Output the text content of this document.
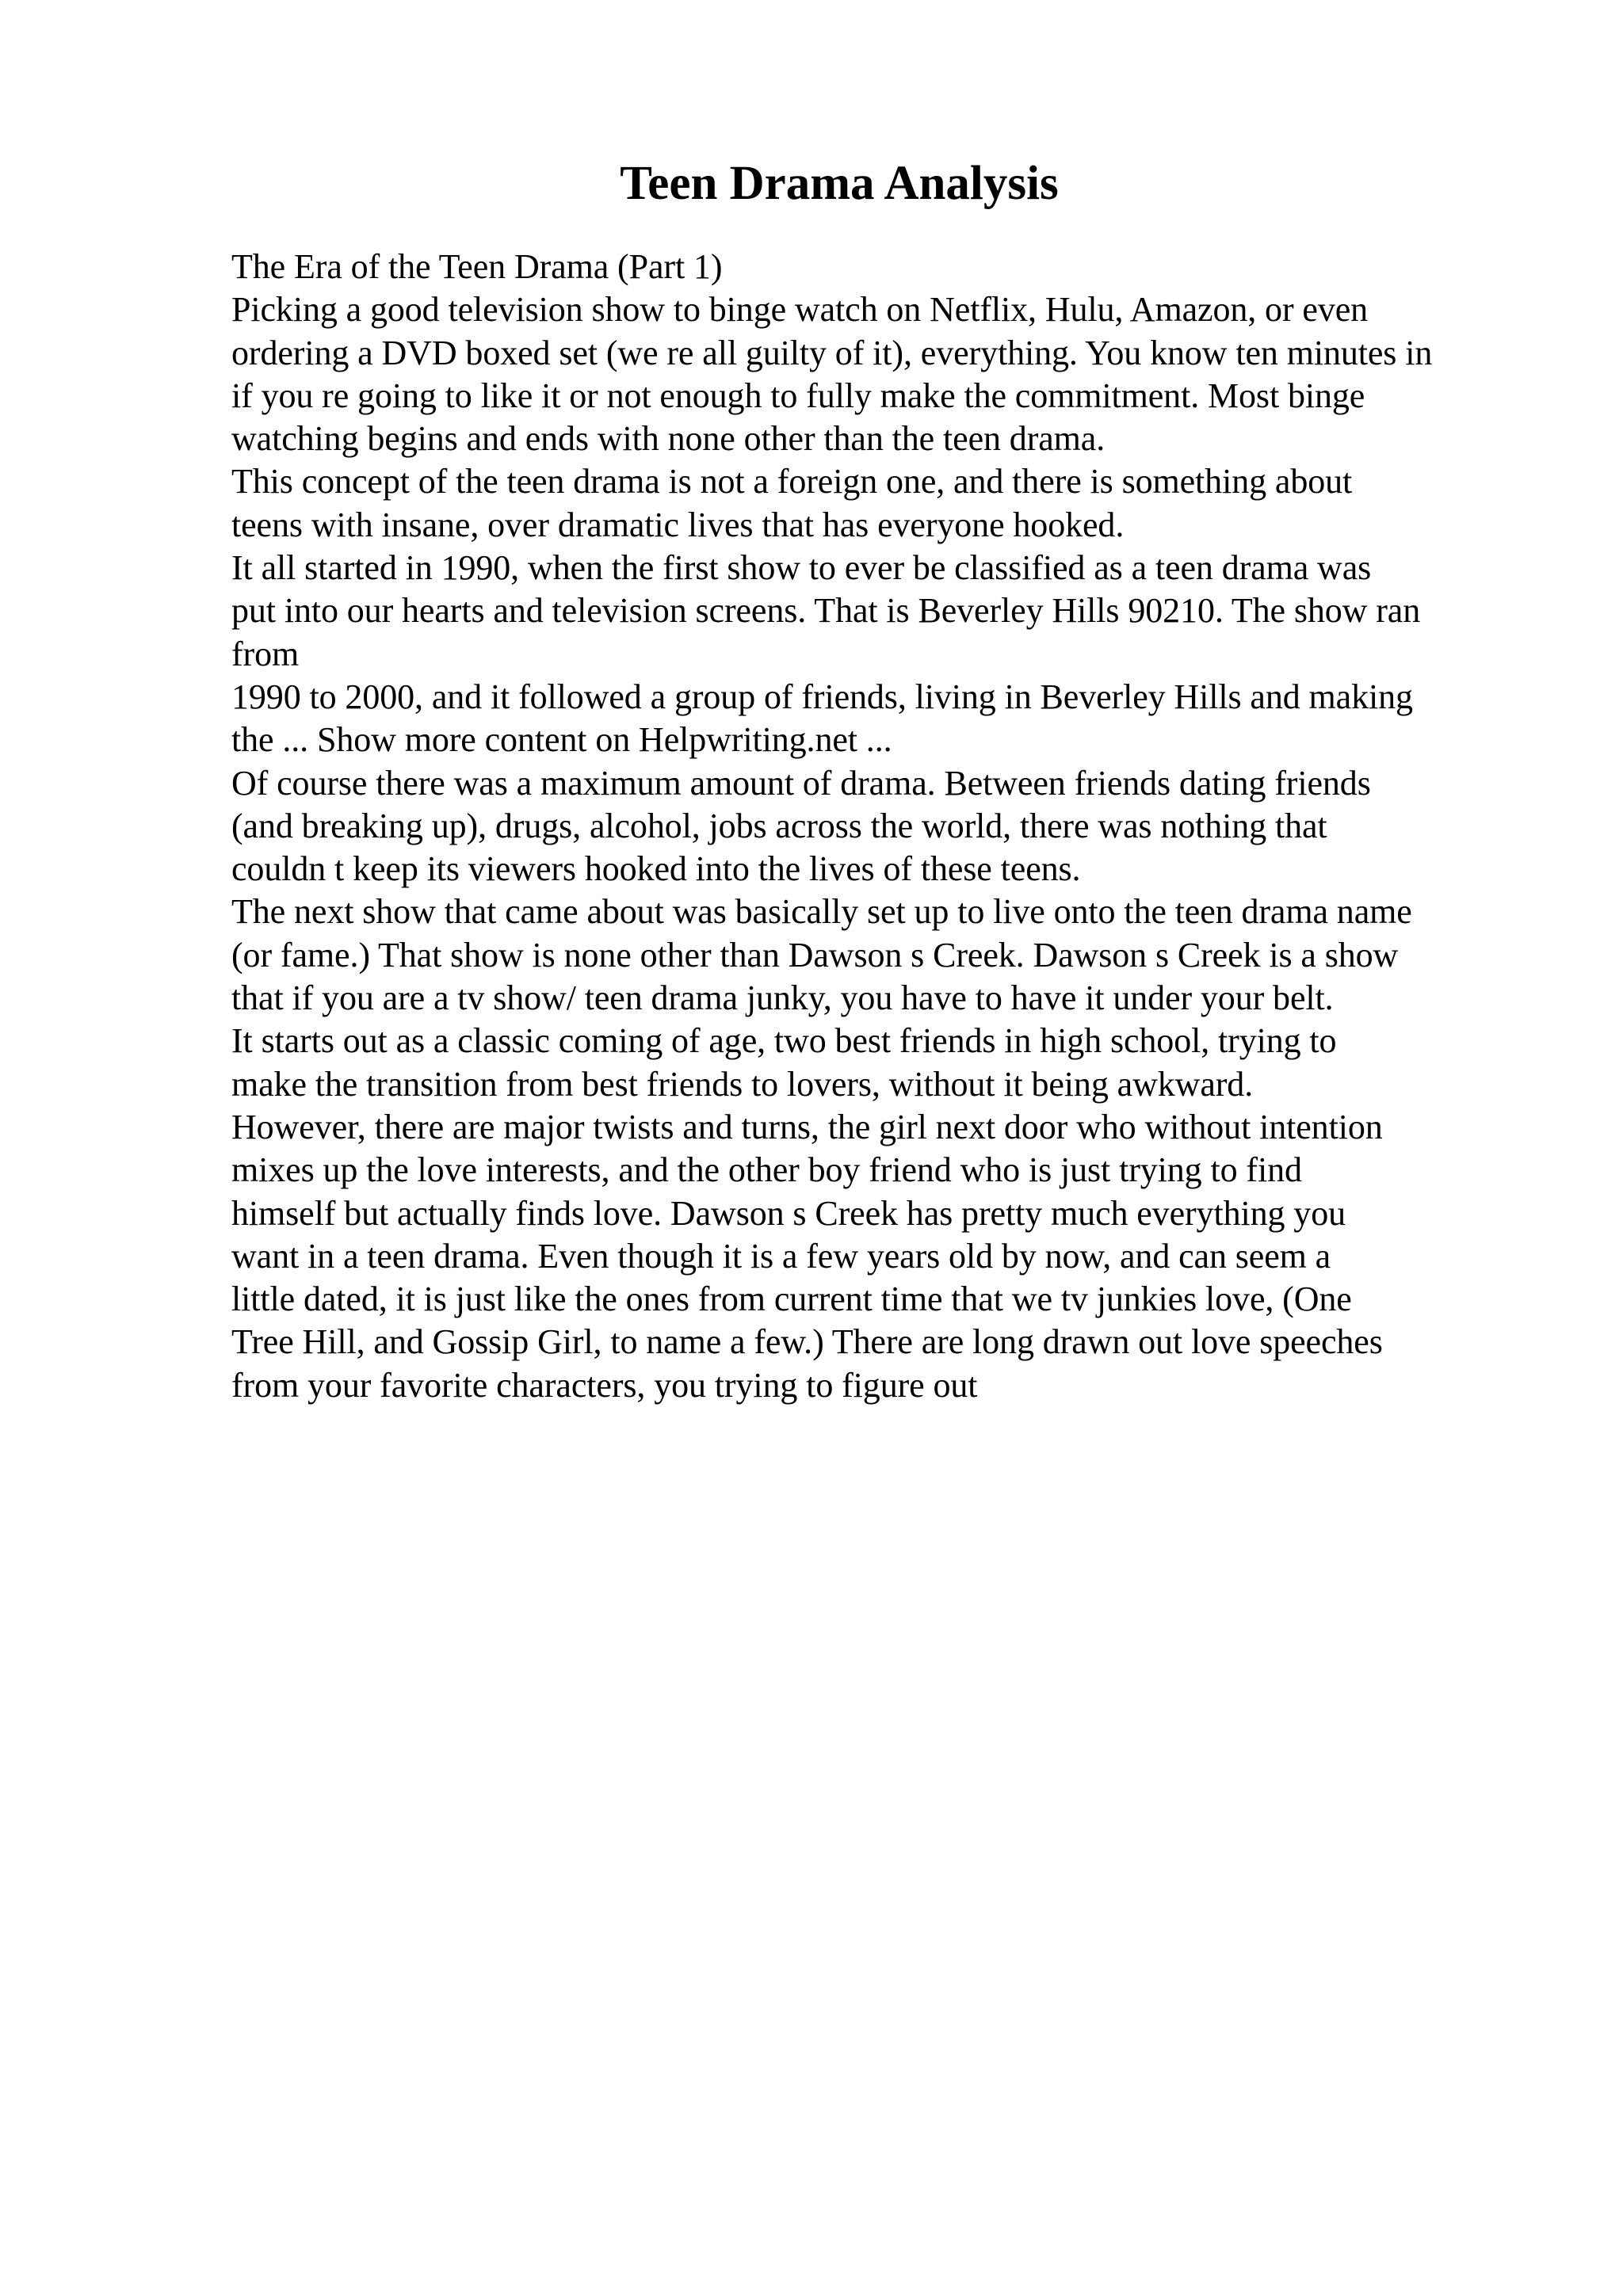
Teen Drama Analysis
The Era of the Teen Drama (Part 1)
Picking a good television show to binge watch on Netflix, Hulu, Amazon, or even
ordering a DVD boxed set (we re all guilty of it), everything. You know ten minutes in
if you re going to like it or not enough to fully make the commitment. Most binge
watching begins and ends with none other than the teen drama.
This concept of the teen drama is not a foreign one, and there is something about
teens with insane, over dramatic lives that has everyone hooked.
It all started in 1990, when the first show to ever be classified as a teen drama was
put into our hearts and television screens. That is Beverley Hills 90210. The show ran
from
1990 to 2000, and it followed a group of friends, living in Beverley Hills and making
the ... Show more content on Helpwriting.net ...
Of course there was a maximum amount of drama. Between friends dating friends
(and breaking up), drugs, alcohol, jobs across the world, there was nothing that
couldn t keep its viewers hooked into the lives of these teens.
The next show that came about was basically set up to live onto the teen drama name
(or fame.) That show is none other than Dawson s Creek. Dawson s Creek is a show
that if you are a tv show/ teen drama junky, you have to have it under your belt.
It starts out as a classic coming of age, two best friends in high school, trying to
make the transition from best friends to lovers, without it being awkward.
However, there are major twists and turns, the girl next door who without intention
mixes up the love interests, and the other boy friend who is just trying to find
himself but actually finds love. Dawson s Creek has pretty much everything you
want in a teen drama. Even though it is a few years old by now, and can seem a
little dated, it is just like the ones from current time that we tv junkies love, (One
Tree Hill, and Gossip Girl, to name a few.) There are long drawn out love speeches
from your favorite characters, you trying to figure out
